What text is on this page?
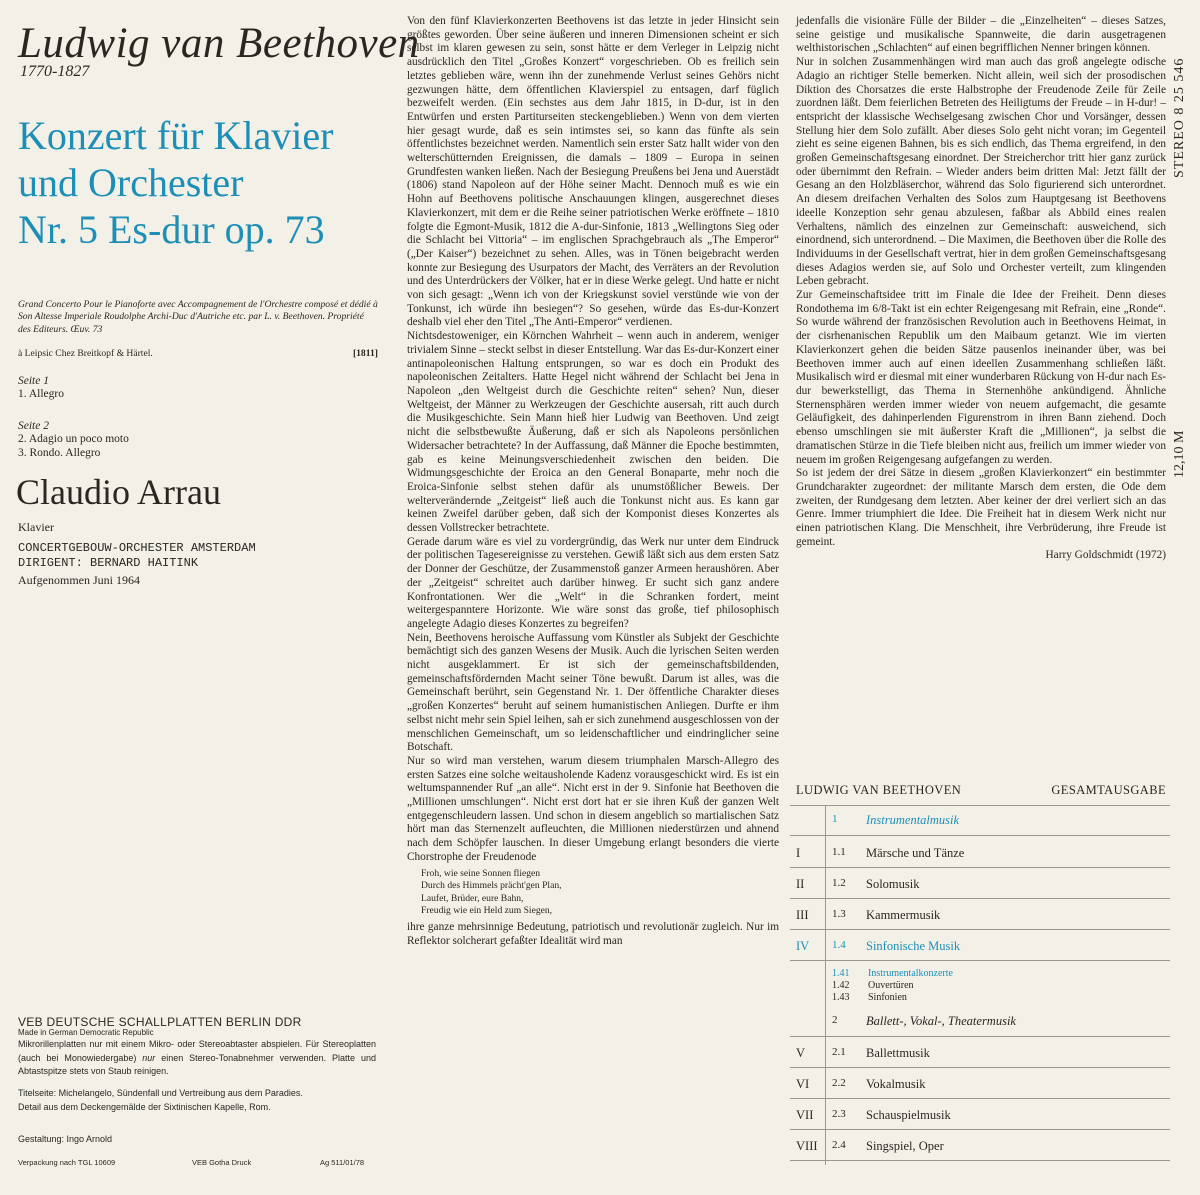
Ludwig van Beethoven
1770-1827
Konzert für Klavier
und Orchester
Nr. 5 Es-dur op. 73
Grand Concerto Pour le Pianoforte avec Accompagnement de l'Orchestre composé et dédié à Son Altesse Imperiale Roudolphe Archi-Duc d'Autriche etc. par L. v. Beethoven. Propriété des Editeurs. Œuv. 73
à Leipsic Chez Breitkopf & Härtel.	[1811]
Seite 1
1. Allegro
Seite 2
2. Adagio un poco moto
3. Rondo. Allegro
Claudio Arrau
Klavier
CONCERTGEBOUW-ORCHESTER AMSTERDAM
DIRIGENT: BERNARD HAITINK
Aufgenommen Juni 1964
VEB DEUTSCHE SCHALLPLATTEN BERLIN DDR
Made in German Democratic Republic
Mikrorillenplatten nur mit einem Mikro- oder Stereoabtaster abspielen. Für Stereoplatten (auch bei Monowiedergabe) nur einen Stereo-Tonabnehmer verwenden. Platte und Abtastspitze stets von Staub reinigen.
Titelseite: Michelangelo, Sündenfall und Vertreibung aus dem Paradies. Detail aus dem Deckengemälde der Sixtinischen Kapelle, Rom.
Gestaltung: Ingo Arnold
Verpackung nach TGL 10609	VEB Gotha Druck	Ag 511/01/78

Von den fünf Klavierkonzerten Beethovens ist das letzte in jeder Hinsicht sein größtes geworden. Über seine äußeren und inneren Dimensionen scheint er sich selbst im klaren gewesen zu sein, sonst hätte er dem Verleger in Leipzig nicht ausdrücklich den Titel „Großes Konzert“ vorgeschrieben. Ob es freilich sein letztes geblieben wäre, wenn ihn der zunehmende Verlust seines Gehörs nicht gezwungen hätte, dem öffentlichen Klavierspiel zu entsagen, darf füglich bezweifelt werden. (Ein sechstes aus dem Jahr 1815, in D-dur, ist in den Entwürfen und ersten Partiturseiten steckengeblieben.) Wenn von dem vierten hier gesagt wurde, daß es sein intimstes sei, so kann das fünfte als sein öffentlichstes bezeichnet werden. Namentlich sein erster Satz hallt wider von den welterschütternden Ereignissen, die damals – 1809 – Europa in seinen Grundfesten wanken ließen. Nach der Besiegung Preußens bei Jena und Auerstädt (1806) stand Napoleon auf der Höhe seiner Macht. Dennoch muß es wie ein Hohn auf Beethovens politische Anschauungen klingen, ausgerechnet dieses Klavierkonzert, mit dem er die Reihe seiner patriotischen Werke eröffnete – 1810 folgte die Egmont-Musik, 1812 die A-dur-Sinfonie, 1813 „Wellingtons Sieg oder die Schlacht bei Vittoria“ – im englischen Sprachgebrauch als „The Emperor“ („Der Kaiser“) bezeichnet zu sehen. Alles, was in Tönen beigebracht werden konnte zur Besiegung des Usurpators der Macht, des Verräters an der Revolution und des Unterdrückers der Völker, hat er in diese Werke gelegt. Und hatte er nicht von sich gesagt: „Wenn ich von der Kriegskunst soviel verstünde wie von der Tonkunst, ich würde ihn besiegen“? So gesehen, würde das Es-dur-Konzert deshalb viel eher den Titel „The Anti-Emperor“ verdienen.

Nichtsdestoweniger, ein Körnchen Wahrheit – wenn auch in anderem, weniger trivialem Sinne – steckt selbst in dieser Entstellung. War das Es-dur-Konzert einer antinapoleonischen Haltung entsprungen, so war es doch ein Produkt des napoleonischen Zeitalters. Hatte Hegel nicht während der Schlacht bei Jena in Napoleon „den Weltgeist durch die Geschichte reiten“ sehen? Nun, dieser Weltgeist, der Männer zu Werkzeugen der Geschichte ausersah, ritt auch durch die Musikgeschichte. Sein Mann hieß hier Ludwig van Beethoven. Und zeigt nicht die selbstbewußte Äußerung, daß er sich als Napoleons persönlichen Widersacher betrachtete? In der Auffassung, daß Männer die Epoche bestimmten, gab es keine Meinungsverschiedenheit zwischen den beiden. Die Widmungsgeschichte der Eroica an den General Bonaparte, mehr noch die Eroica-Sinfonie selbst stehen dafür als unumstößlicher Beweis. Der welterverändernde „Zeitgeist“ ließ auch die Tonkunst nicht aus. Es kann gar keinen Zweifel darüber geben, daß sich der Komponist dieses Konzertes als dessen Vollstrecker betrachtete.

Gerade darum wäre es viel zu vordergründig, das Werk nur unter dem Eindruck der politischen Tagesereignisse zu verstehen. Gewiß läßt sich aus dem ersten Satz der Donner der Geschütze, der Zusammenstoß ganzer Armeen heraushören. Aber der „Zeitgeist“ schreitet auch darüber hinweg. Er sucht sich ganz andere Konfrontationen. Wer die „Welt“ in die Schranken fordert, meint weitergespanntere Horizonte. Wie wäre sonst das große, tief philosophisch angelegte Adagio dieses Konzertes zu begreifen?

Nein, Beethovens heroische Auffassung vom Künstler als Subjekt der Geschichte bemächtigt sich des ganzen Wesens der Musik. Auch die lyrischen Seiten werden nicht ausgeklammert. Er ist sich der gemeinschaftsbildenden, gemeinschaftsfördernden Macht seiner Töne bewußt. Darum ist alles, was die Gemeinschaft berührt, sein Gegenstand Nr. 1. Der öffentliche Charakter dieses „großen Konzertes“ beruht auf seinem humanistischen Anliegen. Durfte er ihm selbst nicht mehr sein Spiel leihen, sah er sich zunehmend ausgeschlossen von der menschlichen Gemeinschaft, um so leidenschaftlicher und eindringlicher seine Botschaft.

Nur so wird man verstehen, warum diesem triumphalen Marsch-Allegro des ersten Satzes eine solche weitausholende Kadenz vorausgeschickt wird. Es ist ein weltumspannender Ruf „an alle“. Nicht erst in der 9. Sinfonie hat Beethoven die „Millionen umschlungen“. Nicht erst dort hat er sie ihren Kuß der ganzen Welt entgegenschleudern lassen. Und schon in diesem angeblich so martialischen Satz hört man das Sternenzelt aufleuchten, die Millionen niederstürzen und ahnend nach dem Schöpfer lauschen. In dieser Umgebung erlangt besonders die vierte Chorstrophe der Freudenode

Froh, wie seine Sonnen fliegen
Durch des Himmels prächt'gen Plan,
Laufet, Brüder, eure Bahn,
Freudig wie ein Held zum Siegen,

ihre ganze mehrsinnige Bedeutung, patriotisch und revolutionär zugleich. Nur im Reflektor solcherart gefaßter Idealität wird man

jedenfalls die visionäre Fülle der Bilder – die „Einzelheiten“ – dieses Satzes, seine geistige und musikalische Spannweite, die darin ausgetragenen welthistorischen „Schlachten“ auf einen begrifflichen Nenner bringen können.

Nur in solchen Zusammenhängen wird man auch das groß angelegte odische Adagio an richtiger Stelle bemerken. Nicht allein, weil sich der prosodischen Diktion des Chorsatzes die erste Halbstrophe der Freudenode Zeile für Zeile zuordnen läßt. Dem feierlichen Betreten des Heiligtums der Freude – in H-dur! – entspricht der klassische Wechselgesang zwischen Chor und Vorsänger, dessen Stellung hier dem Solo zufällt. Aber dieses Solo geht nicht voran; im Gegenteil zieht es seine eigenen Bahnen, bis es sich endlich, das Thema ergreifend, in den großen Gemeinschaftsgesang einordnet. Der Streicherchor tritt hier ganz zurück oder übernimmt den Refrain. – Wieder anders beim dritten Mal: Jetzt fällt der Gesang an den Holzbläserchor, während das Solo figurierend sich unterordnet. An diesem dreifachen Verhalten des Solos zum Hauptgesang ist Beethovens ideelle Konzeption sehr genau abzulesen, faßbar als Abbild eines realen Verhaltens, nämlich des einzelnen zur Gemeinschaft: ausweichend, sich einordnend, sich unterordnend. – Die Maximen, die Beethoven über die Rolle des Individuums in der Gesellschaft vertrat, hier in dem großen Gemeinschaftsgesang dieses Adagios werden sie, auf Solo und Orchester verteilt, zum klingenden Leben gebracht.

Zur Gemeinschaftsidee tritt im Finale die Idee der Freiheit. Denn dieses Rondothema im 6/8-Takt ist ein echter Reigengesang mit Refrain, eine „Ronde“. So wurde während der französischen Revolution auch in Beethovens Heimat, in der cisrhenanischen Republik um den Maibaum getanzt. Wie im vierten Klavierkonzert gehen die beiden Sätze pausenlos ineinander über, was bei Beethoven immer auch auf einen ideellen Zusammenhang schließen läßt. Musikalisch wird er diesmal mit einer wunderbaren Rückung von H-dur nach Es-dur bewerkstelligt, das Thema in Sternenhöhe ankündigend. Ähnliche Sternensphären werden immer wieder von neuem aufgemacht, die gesamte Geläufigkeit, des dahinperlenden Figurenstrom in ihren Bann ziehend. Doch ebenso umschlingen sie mit äußerster Kraft die „Millionen“, ja selbst die dramatischen Stürze in die Tiefe bleiben nicht aus, freilich um immer wieder von neuem im großen Reigengesang aufgefangen zu werden.

So ist jedem der drei Sätze in diesem „großen Klavierkonzert“ ein bestimmter Grundcharakter zugeordnet: der militante Marsch dem ersten, die Ode dem zweiten, der Rundgesang dem letzten. Aber keiner der drei verliert sich an das Genre. Immer triumphiert die Idee. Die Freiheit hat in diesem Werk nicht nur einen patriotischen Klang. Die Menschheit, ihre Verbrüderung, ihre Freude ist gemeint.

Harry Goldschmidt (1972)

STEREO 8 25 546
12,10 M
LUDWIG VAN BEETHOVEN	GESAMTAUSGABE
1 Instrumentalmusik
I	1.1 Märsche und Tänze
II	1.2 Solomusik
III 1.3 Kammermusik
IV 1.4 Sinfonische Musik
1.41 Instrumentalkonzerte
1.42 Ouvertüren
1.43 Sinfonien
2 Ballett-, Vokal-, Theatermusik
V 2.1 Ballettmusik
VI 2.2 Vokalmusik
VII 2.3 Schauspielmusik
VIII 2.4 Singspiel, Oper
